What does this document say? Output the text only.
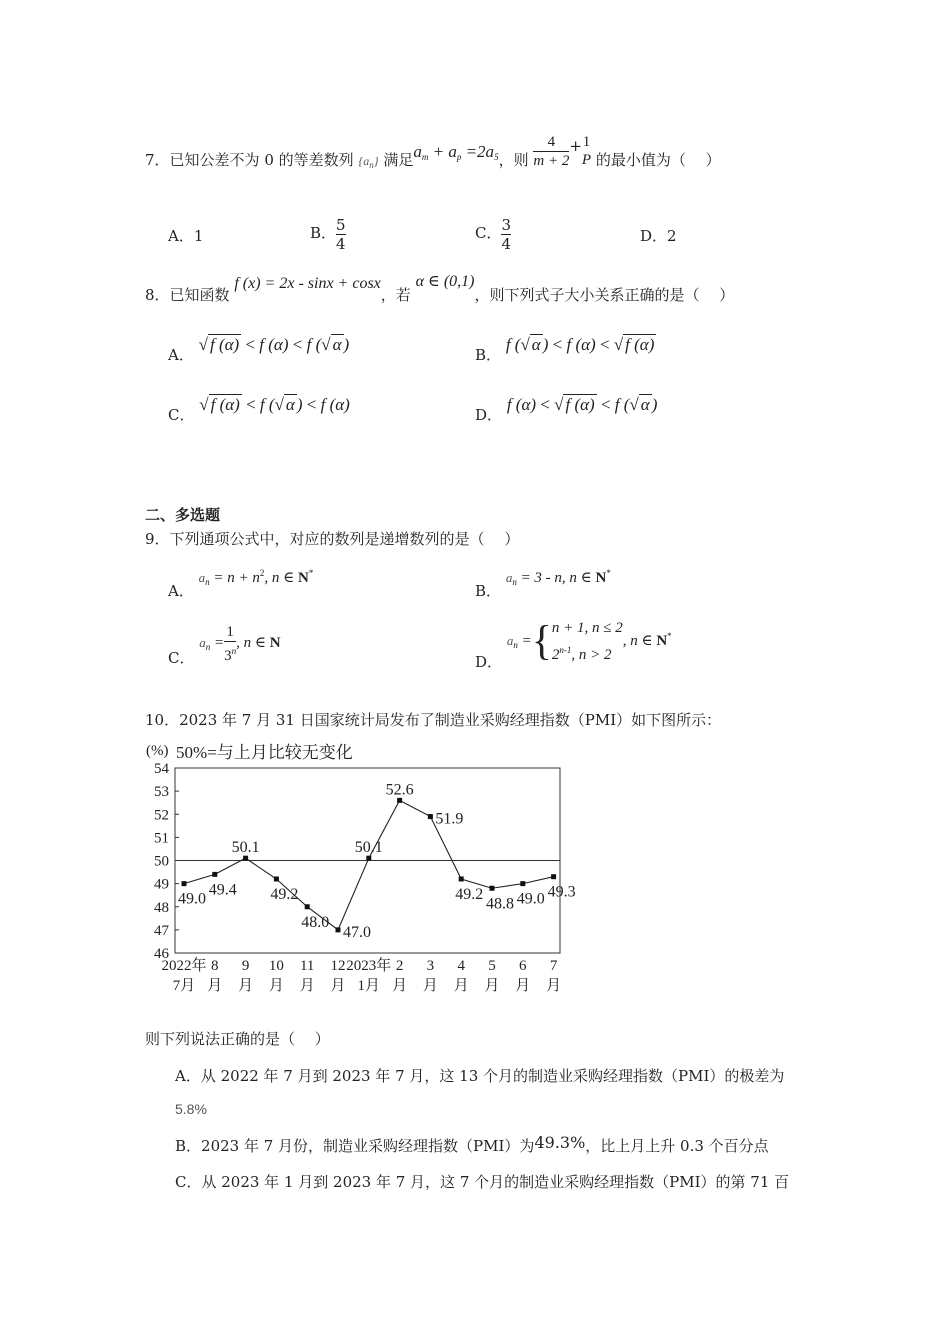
7．已知公差不为 0 的等差数列 $\{a_n\}$ 满足$a_m + a_p =2a_5$，则 $\frac{4}{m + 2} + 1$
P 的最小值为（　 ）
A．1	B． $\frac{5}{4}$	C． $\frac{3}{4}$	D．2
8．已知函数 f (x) = 2x - sinx + cosx，若 α ∈ (0,1)，则下列式子大小关系正确的是（　 ）
A． √ f (α) < f (α) < f (√ α )
B． f (√ α ) < f (α) < √ f (α)
C． √ f (α) < f (√ α ) < f (α)
D． f (α) < √ f (α) < f (√ α )
二、多选题
9．下列通项公式中，对应的数列是递增数列的是（　 ）
A． $a_n = n + n^2$, n ∈ N*
B． $a_n = 3 - n$, n ∈ N*
C． $a_n = \frac{1}{3^n}$ , n ∈ N
D． $a_n$ ={ n + 1, n ≤ 2
2$^{n-1}$, n > 2
, n ∈ N*
10．2023 年 7 月 31 日国家统计局发布了制造业采购经理指数（PMI）如下图所示：
(%) 50%=与上月比较无变化
54
53
52
51
50
49
48
47
46
49.0
49.4
50.1
49.2
48.0
47.0
50.1
52.6
51.9
49.2
48.8 49.0 49.3
2022年
7月
8
月
9
月
10
月
11
月
12
月
2023年
1月
2
月
3
月
4
月
5
月
6
月
7
月
则下列说法正确的是（　 ）
A．从 2022 年 7 月到 2023 年 7 月，这 13 个月的制造业采购经理指数（PMI）的极差为
5.8%
B．2023 年 7 月份，制造业采购经理指数（PMI）为49.3%，比上月上升 0.3 个百分点
C．从 2023 年 1 月到 2023 年 7 月，这 7 个月的制造业采购经理指数（PMI）的第 71 百
